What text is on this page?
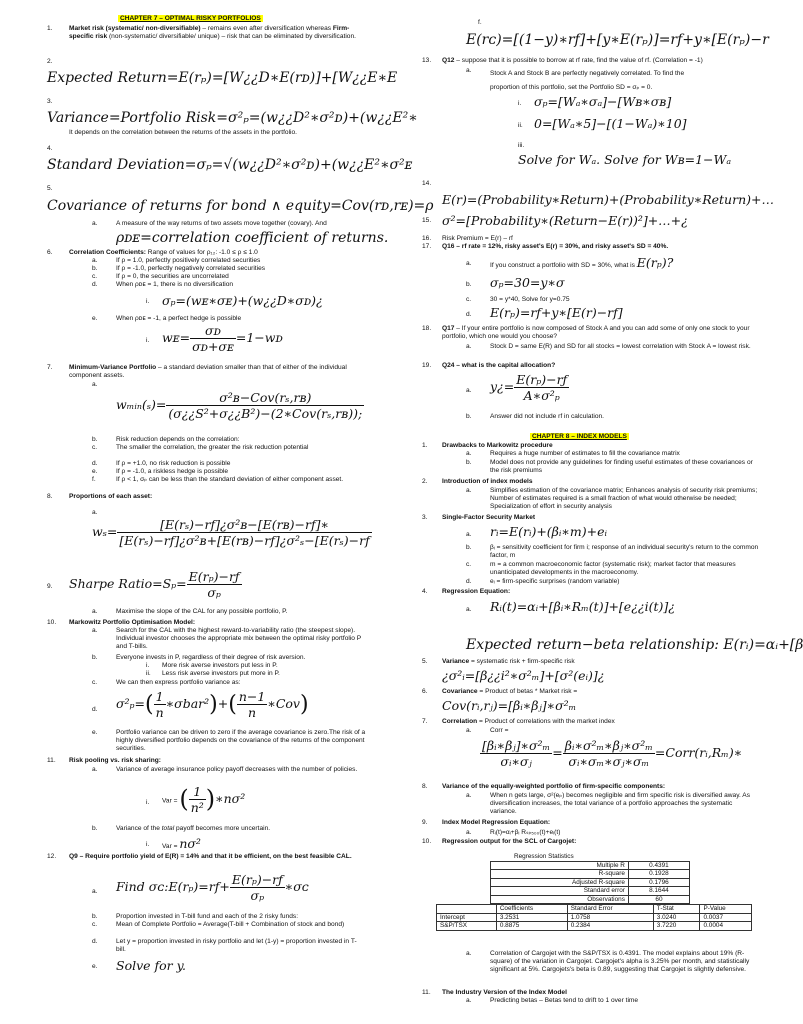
CHAPTER 7 – OPTIMAL RISKY PORTFOLIOS
1.	Market risk (systematic/ non-diversifiable) – remains even after diversification whereas Firm-specific risk (non-systematic/ diversifiable/ unique) – risk that can be eliminated by diversification.
2.
Expected Return=E(rₚ)=[W¿¿D∗E(rᴅ)]+[W¿¿E∗E
3.
Variance=Portfolio Risk=σ²ₚ=(w¿¿D²∗σ²ᴅ)+(w¿¿E²∗
It depends on the correlation between the returns of the assets in the portfolio.
4.
Standard Deviation=σₚ=√(w¿¿D²∗σ²ᴅ)+(w¿¿E²∗σ²ᴇ
5.
Covariance of returns for bond ∧ equity=Cov(rᴅ,rᴇ)=ρ
a.	A measure of the way returns of two assets move together (covary). And
ρᴅᴇ=correlation coefficient of returns.
6.	Correlation Coefficients: Range of values for ρ₁₂: -1.0 ≤ ρ ≤ 1.0
a.	If ρ = 1.0, perfectly positively correlated securities
b.	If ρ = -1.0, perfectly negatively correlated securities
c.	If ρ = 0, the securities are uncorrelated
d.	When ρᴅᴇ = 1, there is no diversification
i. σₚ=(wᴇ∗σᴇ)+(w¿¿D∗σᴅ)¿
e.	When ρᴅᴇ = -1, a perfect hedge is possible
i. wᴇ= $\frac{\text{σᴅ}}{\text{σᴅ+σᴇ}}$ =1−wᴅ
7.	Minimum-Variance Portfolio – a standard deviation smaller than that of either of the individual component assets.
a.
wₘᵢₙ(ₛ)= $\frac{\text{σ²ʙ−Cov(rₛ,rʙ)}}{\text{(σ¿¿S²+σ¿¿B²)−(2∗Cov(rₛ,rʙ));}}$
b.	Risk reduction depends on the correlation:
c.	The smaller the correlation, the greater the risk reduction potential
d.	If ρ = +1.0, no risk reduction is possible
e.	If ρ = -1.0, a riskless hedge is possible
f.	If ρ < 1, σₚ can be less than the standard deviation of either component asset.
8.	Proportions of each asset:
a.
$w_s= \frac{\text{[E(rₛ)−rf]¿σ²ʙ−[E(rʙ)−rf]∗}}{\text{[E(rₛ)−rf]¿σ²ʙ+[E(rʙ)−rf]¿σ²ₛ−[E(rₛ)−rf}}$
9. Sharpe Ratio=Sₚ= $\frac{\text{E(rₚ)−rƒ}}{\text{σₚ}}$
a.	Maximise the slope of the CAL for any possible portfolio, P.
10. Markowitz Portfolio Optimisation Model:
a.	Search for the CAL with the highest reward-to-variability ratio (the steepest slope). Individual investor chooses the appropriate mix between the optimal risky portfolio P and T-bills.
b.	Everyone invests in P, regardless of their degree of risk aversion.
i. More risk averse investors put less in P.
ii. Less risk averse investors put more in P.
c.	We can then express portfolio variance as:
d. $\sigma^2_p=( \frac{1}{n}$ ∗σbar²)+( $\frac{n-1}{n}$ ∗Cov)
e.	Portfolio variance can be driven to zero if the average covariance is zero.The risk of a highly diversified portfolio depends on the covariance of the returns of the component securities.
11. Risk pooling vs. risk sharing:
a.	Variance of average insurance policy payoff decreases with the number of policies.
i. Var = ( $\frac{1}{\text{n²}}$ )∗nσ²
b.	Variance of the total payoff becomes more uncertain.
i. Var = nσ²
12. Q9 – Require portfolio yield of E(R) = 14% and that it be efficient, on the best feasible CAL.
a. Find σᴄ:E(rₚ)=rf+ $\frac{\text{E(rₚ)−rƒ}}{\text{σₚ}}$ ∗σᴄ
b.	Proportion invested in T-bill fund and each of the 2 risky funds:
c.	Mean of Complete Portfolio = Average(T-bill + Combination of stock and bond)
d.	Let y = proportion invested in risky portfolio and let (1-y) = proportion invested in T-bill.
e. Solve for y.
f.
E(rᴄ)=[(1−y)∗rf]+[y∗E(rₚ)]=rf+y∗[E(rₚ)−r
13. Q12 – suppose that it is possible to borrow at rf rate, find the value of rf. (Correlation = -1)
a.	Stock A and Stock B are perfectly negatively correlated. To find the proportion of this portfolio, set the Portfolio SD = σₚ = 0.
i. σₚ=[Wₐ∗σₐ]−[Wʙ∗σʙ]
ii. 0=[Wₐ∗5]−[(1−Wₐ)∗10]
iii.
Solve for Wₐ. Solve for Wʙ=1−Wₐ
14.
E(r)=(Probability∗Return)+(Probability∗Return)+…
15. σ²=[Probability∗(Return−E(r))²]+…+¿
16. Risk Premium = E(r) – rf
17. Q16 – rf rate = 12%, risky asset's E(r) = 30%, and risky asset's SD = 40%.
a.	If you construct a portfolio with SD = 30%, what is E(rₚ)?
b. σₚ=30=y∗σ
c.	30 = y*40, Solve for y=0.75
d. E(rₚ)=rf+y∗[E(r)−rf]
18. Q17 – If your entire portfolio is now composed of Stock A and you can add some of only one stock to your portfolio, which one would you choose?
a.	Stock D = same E(R) and SD for all stocks = lowest correlation with Stock A = lowest risk.
19. Q24 – what is the capital allocation?
a. y¿= $\frac{\text{E(rₚ)−rƒ}}{\text{A∗σ²ₚ}}$
b.	Answer did not include rf in calculation.
CHAPTER 8 – INDEX MODELS
1. Drawbacks to Markowitz procedure
a.	Requires a huge number of estimates to fill the covariance matrix
b.	Model does not provide any guidelines for finding useful estimates of these covariances or the risk premiums
2. Introduction of index models
a.	Simplifies estimation of the covariance matrix; Enhances analysis of security risk premiums; Number of estimates required is a small fraction of what would otherwise be needed; Specialization of effort in security analysis
3. Single-Factor Security Market
a. rᵢ=E(rᵢ)+(βᵢ∗m)+eᵢ
b.	βᵢ = sensitivity coefficient for firm i; response of an individual security's return to the common factor, m
c.	m = a common macroeconomic factor (systematic risk); market factor that measures unanticipated developments in the macroeconomy.
d.	eᵢ = firm-specific surprises (random variable)
4. Regression Equation:
a. Rᵢ(t)=αᵢ+[βᵢ∗Rₘ(t)]+[e¿¿i(t)]¿
Expected return−beta relationship: E(rᵢ)=αᵢ+[β
5. Variance = systematic risk + firm-specific risk
¿σ²ᵢ=[β¿¿i²∗σ²ₘ]+[σ²(eᵢ)]¿
6. Covariance = Product of betas * Market risk =
Cov(rᵢ,rⱼ)=[βᵢ∗βⱼ]∗σ²ₘ
7. Correlation = Product of correlations with the market index
a.	Corr =
$\frac{\text{[βᵢ∗βⱼ]∗σ²ₘ}}{\text{σᵢ∗σⱼ}} = \frac{\text{βᵢ∗σ²ₘ∗βⱼ∗σ²ₘ}}{\text{σᵢ∗σₘ∗σⱼ∗σₘ}}$ =Corr(rᵢ,Rₘ)∗
8. Variance of the equally-weighted portfolio of firm-specific components:
a.	When n gets large, σ²(eₚ) becomes negligible and firm specific risk is diversified away. As diversification increases, the total variance of a portfolio approaches the systematic variance.
9. Index Model Regression Equation:
a.	Rᵢ(t)=αᵢ+βᵢ Rₛₚ₅₀₀(t)+eᵢ(t)
10. Regression output for the SCL of Cargojet:
Regression Statistics
Multiple R	0.4391
R-square	0.1928
Adjusted R-square	0.1796
Standard error	8.1644
Observations	60
	Coefficients	Standard Error	T-Stat	P-Value
Intercept	3.2531	1.0758	3.0240	0.0037
S&P/TSX	0.8875	0.2384	3.7220	0.0004
a.	Correlation of Cargojet with the S&P/TSX is 0.4391. The model explains about 19% (R-square) of the variation in Cargojet. Cargojet's alpha is 3.25% per month, and statistically significant at 5%. Cargojets's beta is 0.89, suggesting that Cargojet is slightly defensive.
11. The Industry Version of the Index Model
a.	Predicting betas – Betas tend to drift to 1 over time
